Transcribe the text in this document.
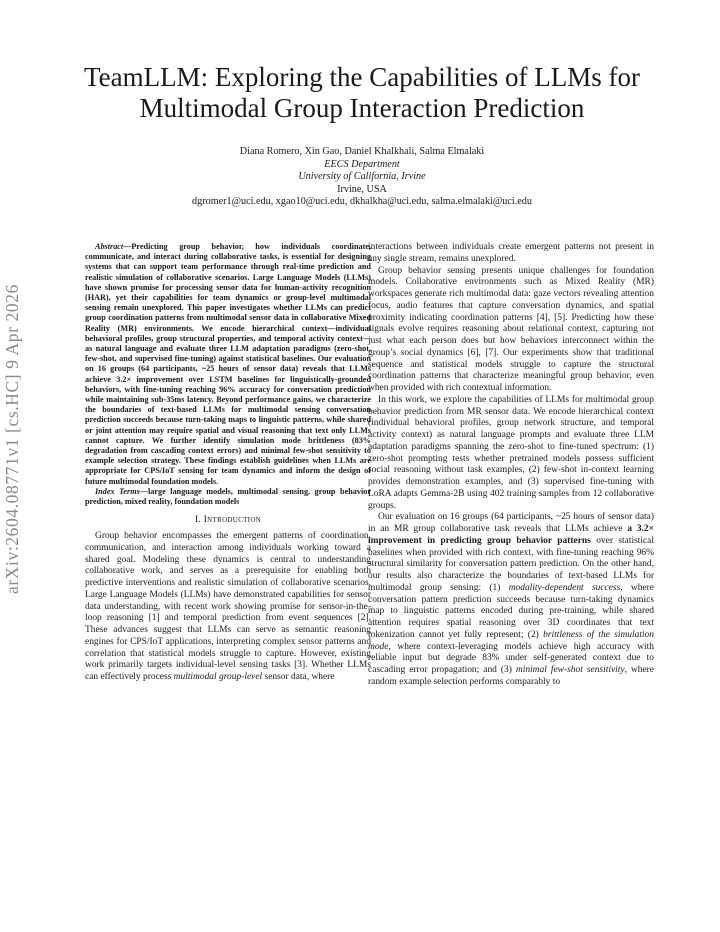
arXiv:2604.08771v1 [cs.HC] 9 Apr 2026
TeamLLM: Exploring the Capabilities of LLMs for Multimodal Group Interaction Prediction
Diana Romero, Xin Gao, Daniel Khalkhali, Salma Elmalaki
EECS Department
University of California, Irvine
Irvine, USA
dgromer1@uci.edu, xgao10@uci.edu, dkhalkha@uci.edu, salma.elmalaki@uci.edu

Abstract—Predicting group behavior, how individuals coordinate, communicate, and interact during collaborative tasks, is essential for designing systems that can support team performance through real-time prediction and realistic simulation of collaborative scenarios. Large Language Models (LLMs) have shown promise for processing sensor data for human-activity recognition (HAR), yet their capabilities for team dynamics or group-level multimodal sensing remain unexplored. This paper investigates whether LLMs can predict group coordination patterns from multimodal sensor data in collaborative Mixed Reality (MR) environments. We encode hierarchical context—individual behavioral profiles, group structural properties, and temporal activity context—as natural language and evaluate three LLM adaptation paradigms (zero-shot, few-shot, and supervised fine-tuning) against statistical baselines. Our evaluation on 16 groups (64 participants, ~25 hours of sensor data) reveals that LLMs achieve 3.2× improvement over LSTM baselines for linguistically-grounded behaviors, with fine-tuning reaching 96% accuracy for conversation prediction while maintaining sub-35ms latency. Beyond performance gains, we characterize the boundaries of text-based LLMs for multimodal sensing conversation prediction succeeds because turn-taking maps to linguistic patterns, while shared or joint attention may require spatial and visual reasoning that text only LLMs cannot capture. We further identify simulation mode brittleness (83% degradation from cascading context errors) and minimal few-shot sensitivity to example selection strategy. These findings establish guidelines when LLMs are appropriate for CPS/IoT sensing for team dynamics and inform the design of future multimodal foundation models.

Index Terms—large language models, multimodal sensing, group behavior prediction, mixed reality, foundation models

I. Introduction

Group behavior encompasses the emergent patterns of coordination, communication, and interaction among individuals working toward a shared goal. Modeling these dynamics is central to understanding collaborative work, and serves as a prerequisite for enabling both predictive interventions and realistic simulation of collaborative scenarios. Large Language Models (LLMs) have demonstrated capabilities for sensor data understanding, with recent work showing promise for sensor-in-the-loop reasoning [1] and temporal prediction from event sequences [2]. These advances suggest that LLMs can serve as semantic reasoning engines for CPS/IoT applications, interpreting complex sensor patterns and correlation that statistical models struggle to capture. However, existing work primarily targets individual-level sensing tasks [3]. Whether LLMs can effectively process multimodal group-level sensor data, where

interactions between individuals create emergent patterns not present in any single stream, remains unexplored.

Group behavior sensing presents unique challenges for foundation models. Collaborative environments such as Mixed Reality (MR) workspaces generate rich multimodal data: gaze vectors revealing attention focus, audio features that capture conversation dynamics, and spatial proximity indicating coordination patterns [4], [5]. Predicting how these signals evolve requires reasoning about relational context, capturing not just what each person does but how behaviors interconnect within the group’s social dynamics [6], [7]. Our experiments show that traditional sequence and statistical models struggle to capture the structural coordination patterns that characterize meaningful group behavior, even when provided with rich contextual information.

In this work, we explore the capabilities of LLMs for multimodal group behavior prediction from MR sensor data. We encode hierarchical context (individual behavioral profiles, group network structure, and temporal activity context) as natural language prompts and evaluate three LLM adaptation paradigms spanning the zero-shot to fine-tuned spectrum: (1) zero-shot prompting tests whether pretrained models possess sufficient social reasoning without task examples, (2) few-shot in-context learning provides demonstration examples, and (3) supervised fine-tuning with LoRA adapts Gemma-2B using 402 training samples from 12 collaborative groups.

Our evaluation on 16 groups (64 participants, ~25 hours of sensor data) in an MR group collaborative task reveals that LLMs achieve a 3.2× improvement in predicting group behavior patterns over statistical baselines when provided with rich context, with fine-tuning reaching 96% structural similarity for conversation pattern prediction. On the other hand, our results also characterize the boundaries of text-based LLMs for multimodal group sensing: (1) modality-dependent success, where conversation pattern prediction succeeds because turn-taking dynamics map to linguistic patterns encoded during pre-training, while shared attention requires spatial reasoning over 3D coordinates that text tokenization cannot yet fully represent; (2) brittleness of the simulation mode, where context-leveraging models achieve high accuracy with reliable input but degrade 83% under self-generated context due to cascading error propagation; and (3) minimal few-shot sensitivity, where random example selection performs comparably to
